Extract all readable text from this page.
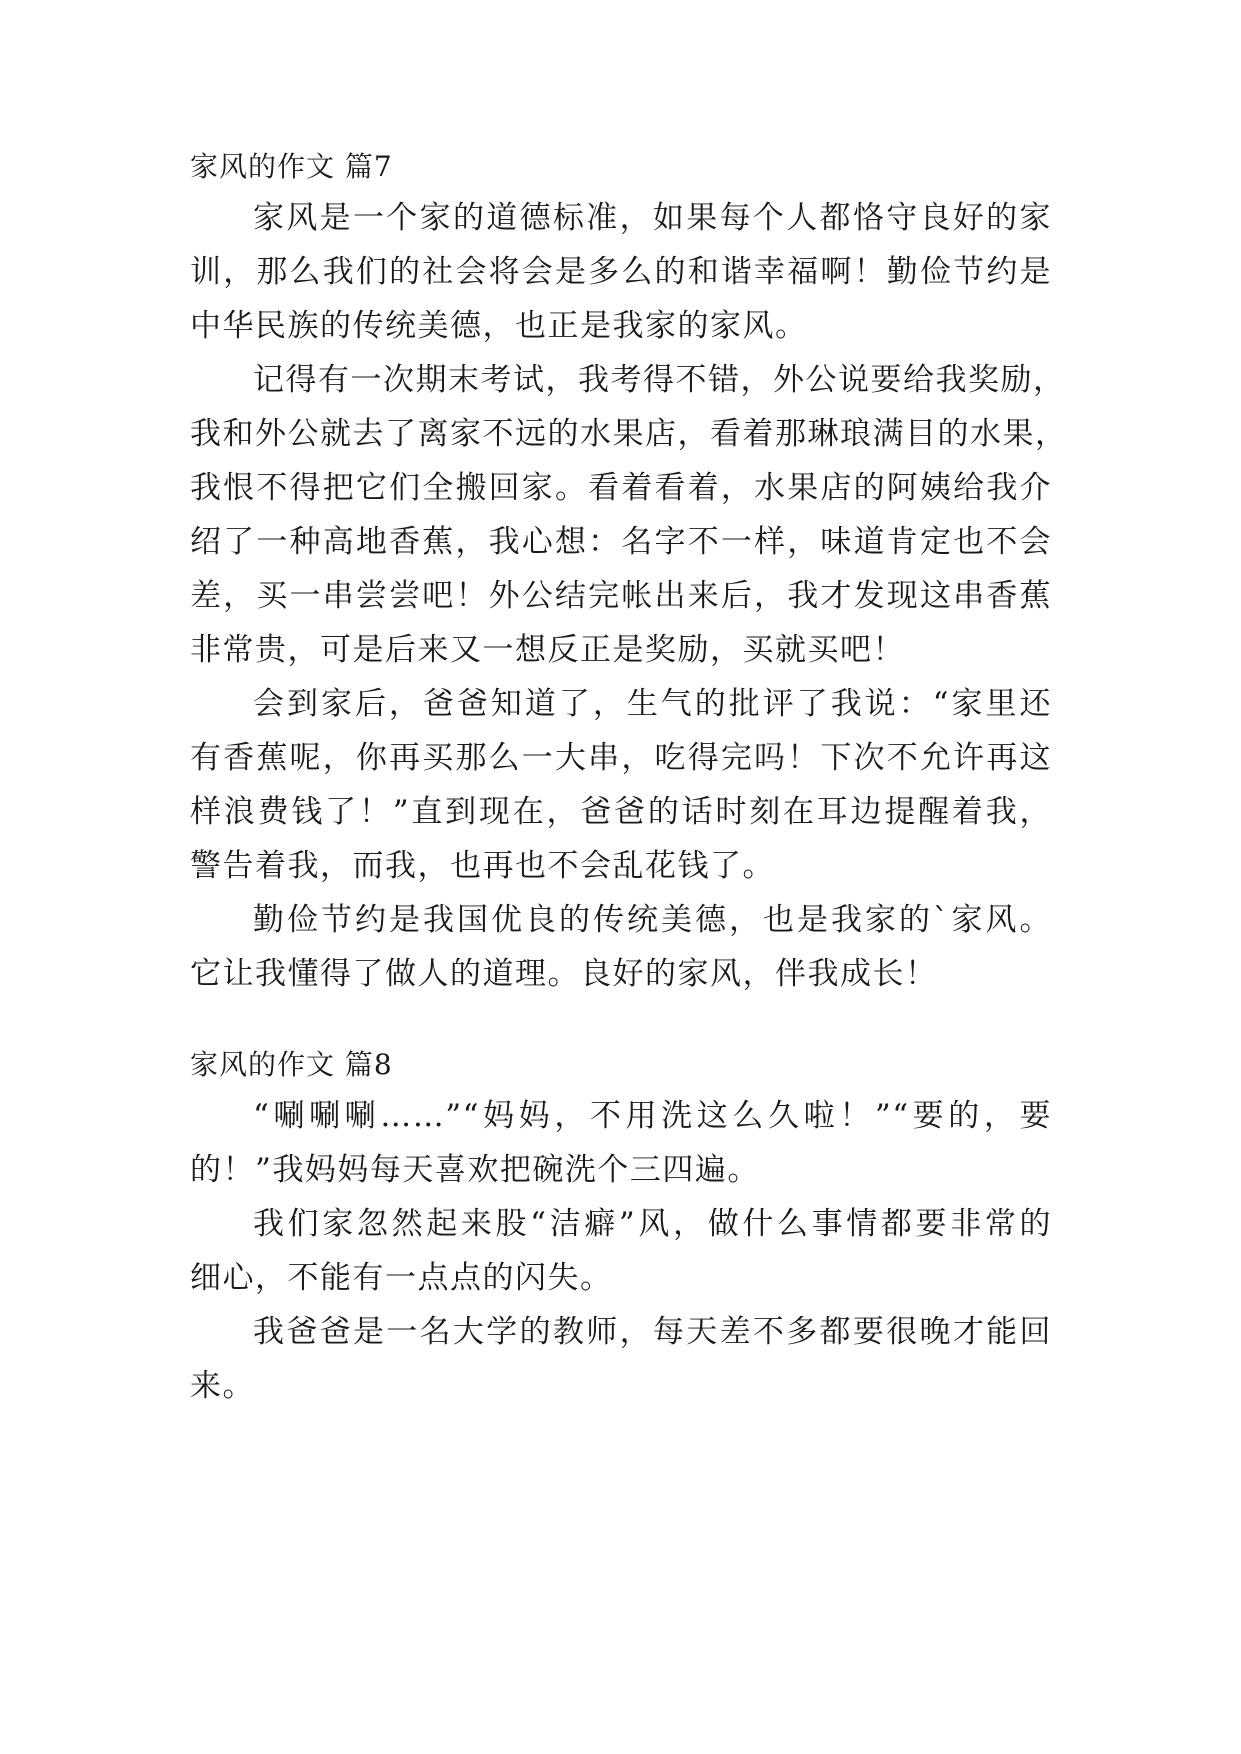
家风的作文 篇7
家风是一个家的道德标准，如果每个人都恪守良好的家
训，那么我们的社会将会是多么的和谐幸福啊！勤俭节约是
中华民族的传统美德，也正是我家的家风。
记得有一次期末考试，我考得不错，外公说要给我奖励，
我和外公就去了离家不远的水果店，看着那琳琅满目的水果，
我恨不得把它们全搬回家。看着看着，水果店的阿姨给我介
绍了一种高地香蕉，我心想：名字不一样，味道肯定也不会
差，买一串尝尝吧！外公结完帐出来后，我才发现这串香蕉
非常贵，可是后来又一想反正是奖励，买就买吧！
会到家后，爸爸知道了，生气的批评了我说：“家里还
有香蕉呢，你再买那么一大串，吃得完吗！下次不允许再这
样浪费钱了！”直到现在，爸爸的话时刻在耳边提醒着我，
警告着我，而我，也再也不会乱花钱了。
勤俭节约是我国优良的传统美德，也是我家的`家风。
它让我懂得了做人的道理。良好的家风，伴我成长！
家风的作文 篇8
“唰唰唰……”“妈妈，不用洗这么久啦！”“要的，要
的！”我妈妈每天喜欢把碗洗个三四遍。
我们家忽然起来股“洁癖”风，做什么事情都要非常的
细心，不能有一点点的闪失。
我爸爸是一名大学的教师，每天差不多都要很晚才能回
来。
